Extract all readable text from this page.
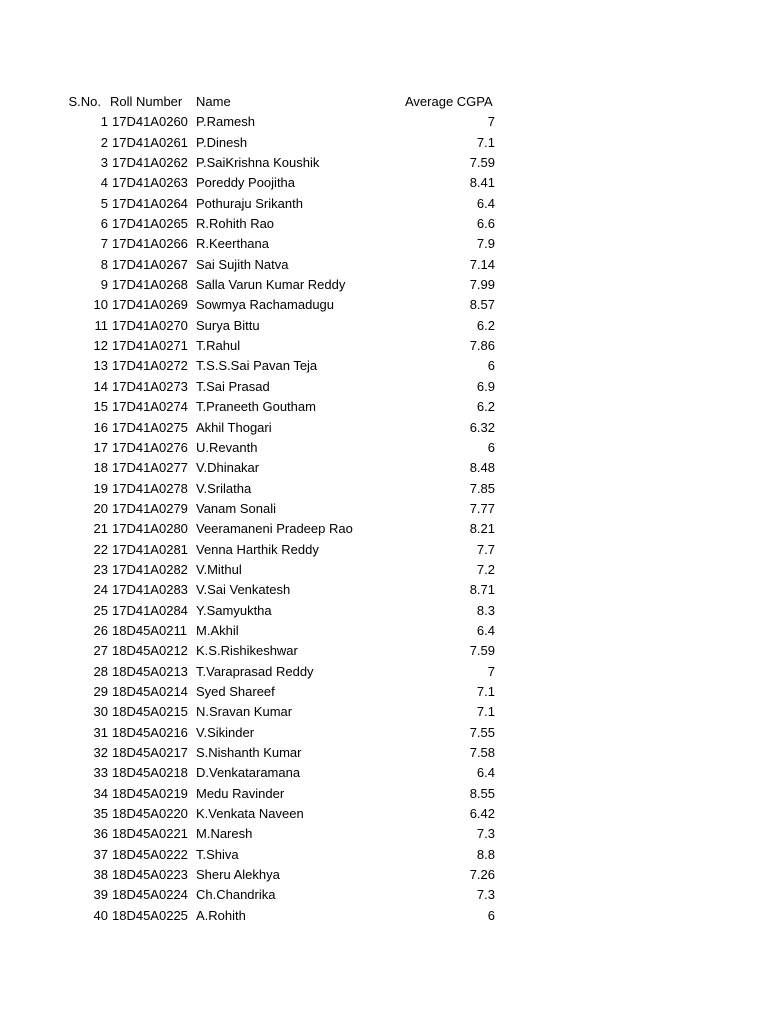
S.No. Roll Number Name	Average CGPA
1 17D41A0260 P.Ramesh	7
2 17D41A0261 P.Dinesh	7.1
3 17D41A0262 P.SaiKrishna Koushik	7.59
4 17D41A0263 Poreddy Poojitha	8.41
5 17D41A0264 Pothuraju Srikanth	6.4
6 17D41A0265 R.Rohith Rao	6.6
7 17D41A0266 R.Keerthana	7.9
8 17D41A0267 Sai Sujith Natva	7.14
9 17D41A0268 Salla Varun Kumar Reddy	7.99
10 17D41A0269 Sowmya Rachamadugu	8.57
11 17D41A0270 Surya Bittu	6.2
12 17D41A0271 T.Rahul	7.86
13 17D41A0272 T.S.S.Sai Pavan Teja	6
14 17D41A0273 T.Sai Prasad	6.9
15 17D41A0274 T.Praneeth Goutham	6.2
16 17D41A0275 Akhil Thogari	6.32
17 17D41A0276 U.Revanth	6
18 17D41A0277 V.Dhinakar	8.48
19 17D41A0278 V.Srilatha	7.85
20 17D41A0279 Vanam Sonali	7.77
21 17D41A0280 Veeramaneni Pradeep Rao	8.21
22 17D41A0281 Venna Harthik Reddy	7.7
23 17D41A0282 V.Mithul	7.2
24 17D41A0283 V.Sai Venkatesh	8.71
25 17D41A0284 Y.Samyuktha	8.3
26 18D45A0211 M.Akhil	6.4
27 18D45A0212 K.S.Rishikeshwar	7.59
28 18D45A0213 T.Varaprasad Reddy	7
29 18D45A0214 Syed Shareef	7.1
30 18D45A0215 N.Sravan Kumar	7.1
31 18D45A0216 V.Sikinder	7.55
32 18D45A0217 S.Nishanth Kumar	7.58
33 18D45A0218 D.Venkataramana	6.4
34 18D45A0219 Medu Ravinder	8.55
35 18D45A0220 K.Venkata Naveen	6.42
36 18D45A0221 M.Naresh	7.3
37 18D45A0222 T.Shiva	8.8
38 18D45A0223 Sheru Alekhya	7.26
39 18D45A0224 Ch.Chandrika	7.3
40 18D45A0225 A.Rohith	6
